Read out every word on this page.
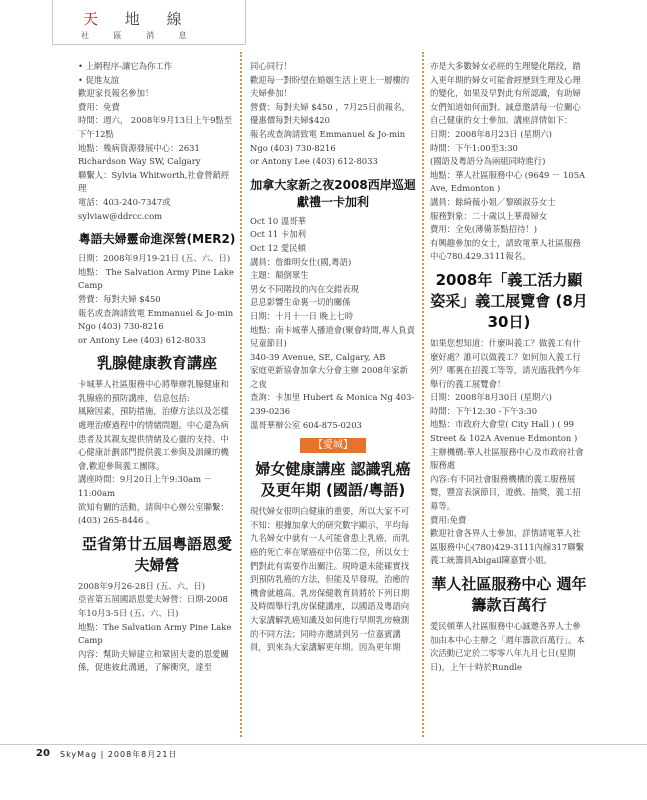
天 地 線
社 區 消 息

• 上網程序-讓它為你工作

• 促進友誼

歡迎家長報名參加！

費用：免費

時間：週六， 2008年9月13日上午9點至下午12點

地點：幾病資源發展中心：2631 Richardson Way SW, Calgary

聯繫人：Sylvia Whitworth,社會營銷經理

電話：403-240-7347或sylviaw@ddrcc.com

粵語夫婦靈命進深營(MER2)

日期：2008年9月19-21日 (五、六、日)

地點： The Salvation Army Pine Lake Camp

營費：每對夫婦 $450

報名或查詢請致電 Emmanuel & Jo-min Ngo (403) 730-8216

or Antony Lee (403) 612-8033

乳腺健康教育講座

卡城華人社區服務中心將舉辦乳腺健康和乳腺癌的預防講座，信息包括:

風險因素，預防措施，治療方法以及怎樣處理治療過程中的情緒問題。中心還為病患者及其親友提供情緒及心靈的支持。中心健康計劃部門提供義工參與及訓練的機會,歡迎參與義工團隊。

講座時間：9月20日上午9:30am － 11:00am

欲知有關的活動，請與中心辦公室聯繫：(403) 265-8446 。

亞省第廿五屆粵語恩愛夫婦營

2008年9月26-28日 (五、六、日)

亞省第五屆國語恩愛夫婦營：日期-2008年10月3-5日 (五、六、日)

地點：The Salvation Army Pine Lake Camp

內容：幫助夫婦建立和鞏固夫妻的恩愛關係，促進彼此溝通，了解衝突，達至

同心同行！

歡迎每一對盼望在婚姻生活上更上一層樓的夫婦參加！

營費：每對夫婦 $450 ，7月25日前報名，優惠價每對夫婦$420

報名或查詢請致電 Emmanuel & Jo-min Ngo (403) 730-8216

or Antony Lee (403) 612-8033

加拿大家新之夜2008西岸巡迴獻禮一卡加利

Oct 10 溫哥華

Oct 11 卡加利

Oct 12 愛民頓

講員：詹維明女仕(國,粵語)

主題：顛倒眾生

男女不同階段的內在交錯表現

息息影響生命裏一切的關係

日期：十月十一日 晚上七時

地點：南卡城華人播道會(聚會時間,專人負責兒童節目)

340-39 Avenue, SE, Calgary, AB

家庭更新協會加拿大分會主辦 2008年家新之夜

查詢：卡加里 Hubert & Monica Ng 403-239-0236

溫哥華辦公室 604-875-0203

【愛城】
婦女健康講座 認識乳癌及更年期 (國語/粵語)

現代婦女很明白健康的重要，所以大家不可不知：根據加拿大的研究數字顯示，平均每九名婦女中就有一人可能會患上乳癌，而乳癌的死亡率在眾癌症中佔第二位，所以女士們對此有需要作出關注。現時還未能確實找到預防乳癌的方法，但能及早發現，治癒的機會就越高。乳房保健教育員將於下列日期及時間舉行乳房保健講座，以國語及粵語向大家講解乳癌知識及如何進行早期乳房檢測的不同方法；同時亦邀請到另一位嘉賓講員，到來為大家講解更年期。因為更年期

亦是大多數婦女必經的生理變化階段，踏入更年期的婦女可能會經歷到生理及心理的變化，如果及早對此有所認識，有助婦女們知道如何面對。誠意邀請每一位關心自己健康的女士參加。講座詳情如下：

日期：2008年8月23日 (星期六)

時間：下午1:00至3:30

(國語及粵語分為兩組同時進行)

地點：華人社區服務中心 (9649 － 105A Ave, Edmonton )

講員：餘綺薇小姐／黎頤淑芬女士

服務對象：二十歲以上華裔婦女

費用：全免(薄備茶點招待！)

有興趣參加的女士，請致電華人社區服務中心780.429.3111報名。

2008年「義工活力顯姿采」義工展覽會 (8月30日)

如果您想知道：什麼叫義工？做義工有什麼好處？誰可以做義工？如何加入義工行列？哪裏在招義工等等，請光臨我們今年舉行的義工展覽會！

日期：2008年8月30日 (星期六)

時間：下午12:30 -下午3:30

地點：市政府大會堂( City Hall ) ( 99 Street & 102A Avenue Edmonton )

主辦機構:華人社區服務中心及市政府社會服務處

內容:有不同社會服務機構的義工服務展覽，豐富表演節目，遊戲、抽獎，義工招募等。

費用:免費

歡迎社會各界人士參加，詳情請電華人社區服務中心(780)429-3111內線317聯繫義工統籌員Abigail陳嘉寶小姐。

華人社區服務中心 週年籌款百萬行

愛民頓華人社區服務中心誠邀各界人士參加由本中心主辦之「週年籌款百萬行」。本次活動已定於二零零八年九月七日(星期日)，上午十時於Rundle

20 SkyMag | 2008年8月21日
